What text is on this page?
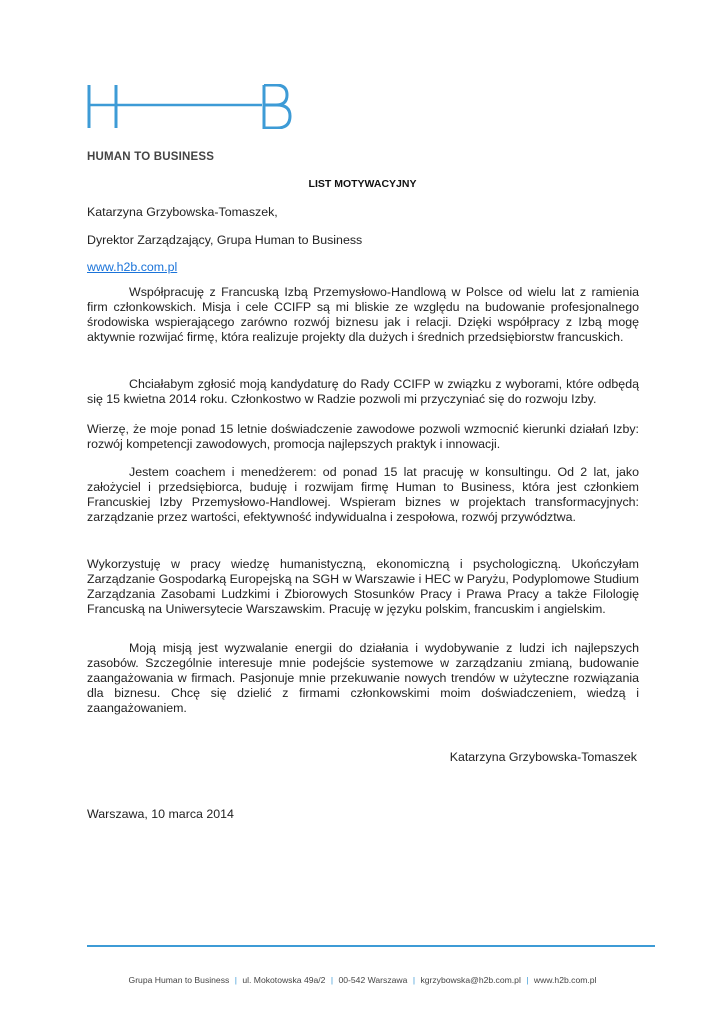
HUMAN TO BUSINESS
LIST MOTYWACYJNY
Katarzyna Grzybowska-Tomaszek,
Dyrektor Zarządzający, Grupa Human to Business
www.h2b.com.pl
Współpracuję z Francuską Izbą Przemysłowo-Handlową w Polsce od wielu lat z ramienia firm członkowskich. Misja i cele CCIFP są mi bliskie ze względu na budowanie profesjonalnego środowiska wspierającego zarówno rozwój biznesu jak i relacji. Dzięki współpracy z Izbą mogę aktywnie rozwijać firmę, która realizuje projekty dla dużych i średnich przedsiębiorstw francuskich.
Chciałabym zgłosić moją kandydaturę do Rady CCIFP w związku z wyborami, które odbędą się 15 kwietna 2014 roku. Członkostwo w Radzie pozwoli mi przyczyniać się do rozwoju Izby.
Wierzę, że moje ponad 15 letnie doświadczenie zawodowe pozwoli wzmocnić kierunki działań Izby: rozwój kompetencji zawodowych, promocja najlepszych praktyk i innowacji.
Jestem coachem i menedżerem: od ponad 15 lat pracuję w konsultingu. Od 2 lat, jako założyciel i przedsiębiorca, buduję i rozwijam firmę Human to Business, która jest członkiem Francuskiej Izby Przemysłowo-Handlowej. Wspieram biznes w projektach transformacyjnych: zarządzanie przez wartości, efektywność indywidualna i zespołowa, rozwój przywództwa.
Wykorzystuję w pracy wiedzę humanistyczną, ekonomiczną i psychologiczną. Ukończyłam Zarządzanie Gospodarką Europejską na SGH w Warszawie i HEC w Paryżu, Podyplomowe Studium Zarządzania Zasobami Ludzkimi i Zbiorowych Stosunków Pracy i Prawa Pracy a także Filologię Francuską na Uniwersytecie Warszawskim. Pracuję w języku polskim, francuskim i angielskim.
Moją misją jest wyzwalanie energii do działania i wydobywanie z ludzi ich najlepszych zasobów. Szczególnie interesuje mnie podejście systemowe w zarządzaniu zmianą, budowanie zaangażowania w firmach. Pasjonuje mnie przekuwanie nowych trendów w użyteczne rozwiązania dla biznesu. Chcę się dzielić z firmami członkowskimi moim doświadczeniem, wiedzą i zaangażowaniem.
Katarzyna Grzybowska-Tomaszek
Warszawa, 10 marca 2014
Grupa Human to Business | ul. Mokotowska 49a/2 | 00-542 Warszawa | kgrzybowska@h2b.com.pl | www.h2b.com.pl
